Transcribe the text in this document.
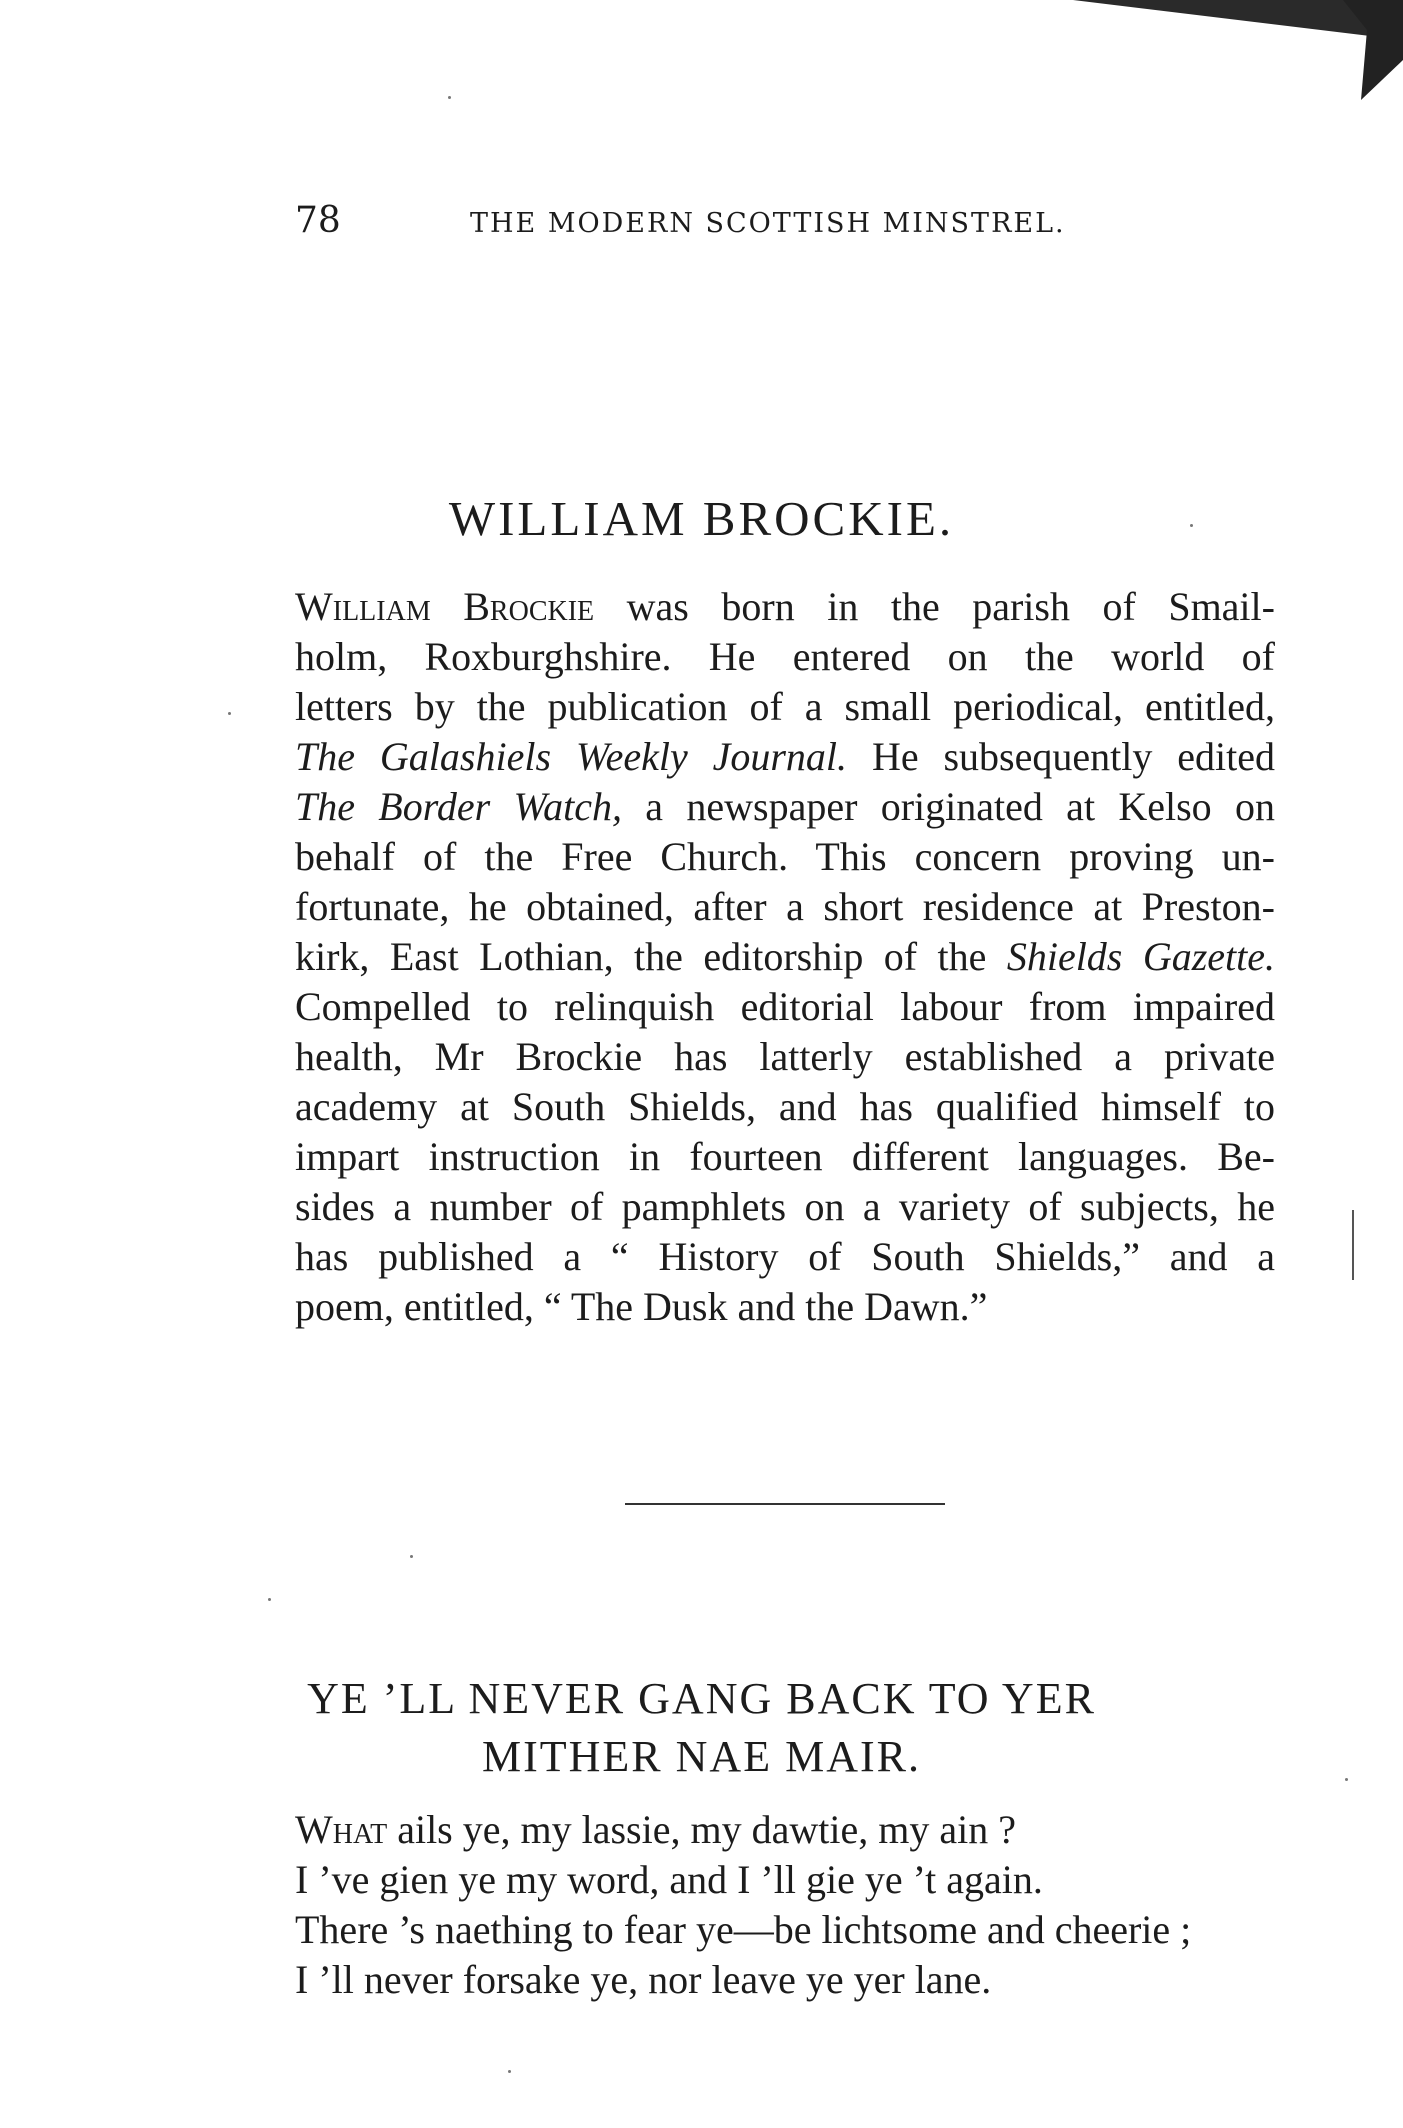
78	THE MODERN SCOTTISH MINSTREL.
WILLIAM BROCKIE.
William Brockie was born in the parish of Smail-
holm, Roxburghshire. He entered on the world of
letters by the publication of a small periodical, entitled,
The Galashiels Weekly Journal. He subsequently edited
The Border Watch, a newspaper originated at Kelso on
behalf of the Free Church. This concern proving un-
fortunate, he obtained, after a short residence at Preston-
kirk, East Lothian, the editorship of the Shields Gazette.
Compelled to relinquish editorial labour from impaired
health, Mr Brockie has latterly established a private
academy at South Shields, and has qualified himself to
impart instruction in fourteen different languages. Be-
sides a number of pamphlets on a variety of subjects, he
has published a “ History of South Shields,” and a
poem, entitled, “ The Dusk and the Dawn.”
YE ’LL NEVER GANG BACK TO YER
MITHER NAE MAIR.
What ails ye, my lassie, my dawtie, my ain ?
I ’ve gien ye my word, and I ’ll gie ye ’t again.
There ’s naething to fear ye—be lichtsome and cheerie ;
I ’ll never forsake ye, nor leave ye yer lane.
